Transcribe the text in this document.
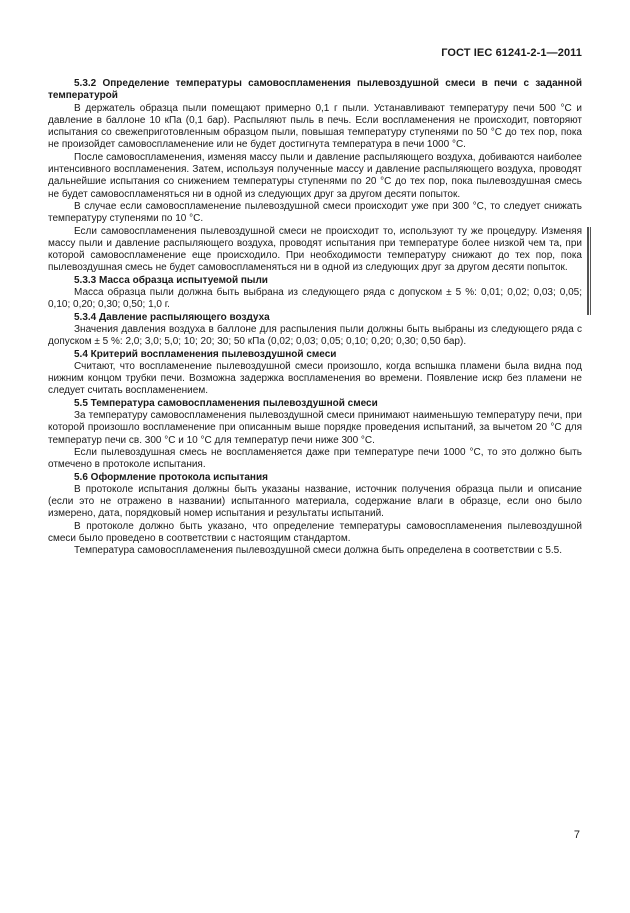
ГОСТ IEC 61241-2-1—2011

5.3.2 Определение температуры самовоспламенения пылевоздушной смеси в печи с заданной температурой

В держатель образца пыли помещают примерно 0,1 г пыли. Устанавливают температуру печи 500 °С и давление в баллоне 10 кПа (0,1 бар). Распыляют пыль в печь. Если воспламенения не происходит, повторяют испытания со свежеприготовленным образцом пыли, повышая температуру ступенями по 50 °С до тех пор, пока не произойдет самовоспламенение или не будет достигнута температура в печи 1000 °С.

После самовоспламенения, изменяя массу пыли и давление распыляющего воздуха, добиваются наиболее интенсивного воспламенения. Затем, используя полученные массу и давление распыляющего воздуха, проводят дальнейшие испытания со снижением температуры ступенями по 20 °С до тех пор, пока пылевоздушная смесь не будет самовоспламеняться ни в одной из следующих друг за другом десяти попыток.

В случае если самовоспламенение пылевоздушной смеси происходит уже при 300 °С, то следует снижать температуру ступенями по 10 °С.

Если самовоспламенения пылевоздушной смеси не происходит то, используют ту же процедуру. Изменяя массу пыли и давление распыляющего воздуха, проводят испытания при температуре более низкой чем та, при которой самовоспламенение еще происходило. При необходимости температуру снижают до тех пор, пока пылевоздушная смесь не будет самовоспламеняться ни в одной из следующих друг за другом десяти попыток.

5.3.3 Масса образца испытуемой пыли

Масса образца пыли должна быть выбрана из следующего ряда с допуском ± 5 %: 0,01; 0,02; 0,03; 0,05; 0,10; 0,20; 0,30; 0,50; 1,0 г.

5.3.4 Давление распыляющего воздуха

Значения давления воздуха в баллоне для распыления пыли должны быть выбраны из следующего ряда с допуском ± 5 %: 2,0; 3,0; 5,0; 10; 20; 30; 50 кПа (0,02; 0,03; 0,05; 0,10; 0,20; 0,30; 0,50 бар).

5.4 Критерий воспламенения пылевоздушной смеси

Считают, что воспламенение пылевоздушной смеси произошло, когда вспышка пламени была видна под нижним концом трубки печи. Возможна задержка воспламенения во времени. Появление искр без пламени не следует считать воспламенением.

5.5 Температура самовоспламенения пылевоздушной смеси

За температуру самовоспламенения пылевоздушной смеси принимают наименьшую температуру печи, при которой произошло воспламенение при описанным выше порядке проведения испытаний, за вычетом 20 °С для температур печи св. 300 °С и 10 °С для температур печи ниже 300 °С.

Если пылевоздушная смесь не воспламеняется даже при температуре печи 1000 °С, то это должно быть отмечено в протоколе испытания.

5.6 Оформление протокола испытания

В протоколе испытания должны быть указаны название, источник получения образца пыли и описание (если это не отражено в названии) испытанного материала, содержание влаги в образце, если оно было измерено, дата, порядковый номер испытания и результаты испытаний.

В протоколе должно быть указано, что определение температуры самовоспламенения пылевоздушной смеси было проведено в соответствии с настоящим стандартом.

Температура самовоспламенения пылевоздушной смеси должна быть определена в соответствии с 5.5.

7
